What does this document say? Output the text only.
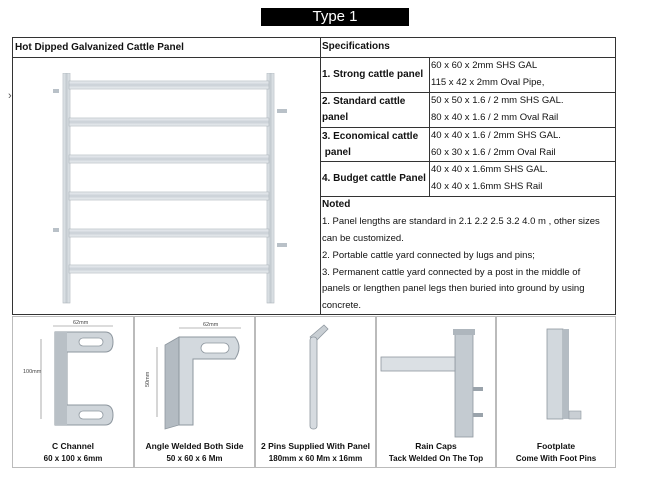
Type 1
›
Hot Dipped Galvanized Cattle Panel	Specifications
1. Strong cattle panel
60 x 60 x 2mm SHS GAL
115 x 42 x 2mm Oval Pipe,
2. Standard cattle
panel
50 x 50 x 1.6 / 2 mm SHS GAL.
80 x 40 x 1.6 / 2 mm Oval Rail
3. Economical cattle
panel
40 x 40 x 1.6 / 2mm SHS GAL.
60 x 30 x 1.6 / 2mm Oval Rail
4. Budget cattle Panel
40 x 40 x 1.6mm SHS GAL.
40 x 40 x 1.6mm SHS Rail
Noted
1. Panel lengths are standard in 2.1 2.2 2.5 3.2 4.0 m , other sizes
can be customized.
2. Portable cattle yard connected by lugs and pins;
3. Permanent cattle yard connected by a post in the middle of
panels or lengthen panel legs then buried into ground by using
concrete.
62mm
100mm
C Channel
60 x 100 x 6mm
62mm
50mm
Angle Welded Both Side
50 x 60 x 6 Mm
2 Pins Supplied With Panel
180mm x 60 Mm x 16mm
Rain Caps
Tack Welded On The Top
Footplate
Come With Foot Pins
